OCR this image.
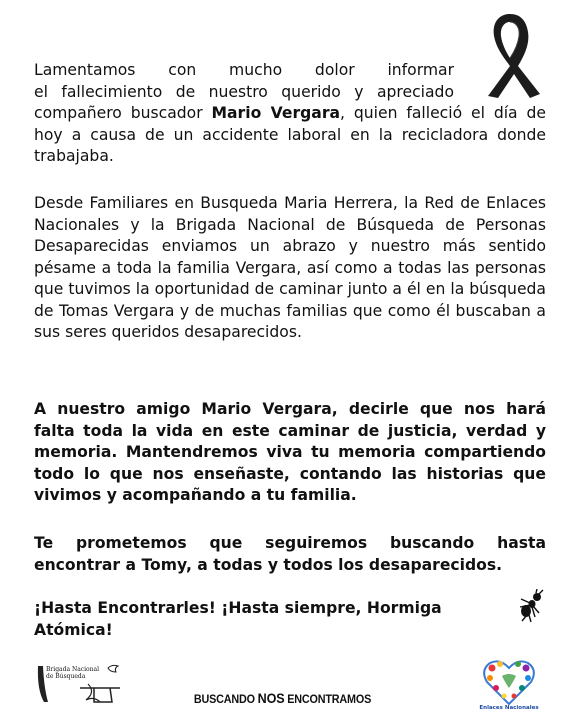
Lamentamos con mucho dolor informar
el fallecimiento de nuestro querido y apreciado

compañero buscador Mario Vergara, quien falleció el día de hoy a causa de un accidente laboral en la recicladora donde trabajaba.

Desde Familiares en Busqueda Maria Herrera, la Red de Enlaces Nacionales y la Brigada Nacional de Búsqueda de Personas Desaparecidas enviamos un abrazo y nuestro más sentido pésame a toda la familia Vergara, así como a todas las personas que tuvimos la oportunidad de caminar junto a él en la búsqueda de Tomas Vergara y de muchas familias que como él buscaban a sus seres queridos desaparecidos.

A nuestro amigo Mario Vergara, decirle que nos hará falta toda la vida en este caminar de justicia, verdad y memoria. Mantendremos viva tu memoria compartiendo todo lo que nos enseñaste, contando las historias que vivimos y acompañando a tu familia.

Te prometemos que seguiremos buscando hasta encontrar a Tomy, a todas y todos los desaparecidos.

¡Hasta Encontrarles! ¡Hasta siempre, Hormiga Atómica!

Brigada Nacional de Búsqueda
BUSCANDO NOS ENCONTRAMOS
Enlaces Nacionales
